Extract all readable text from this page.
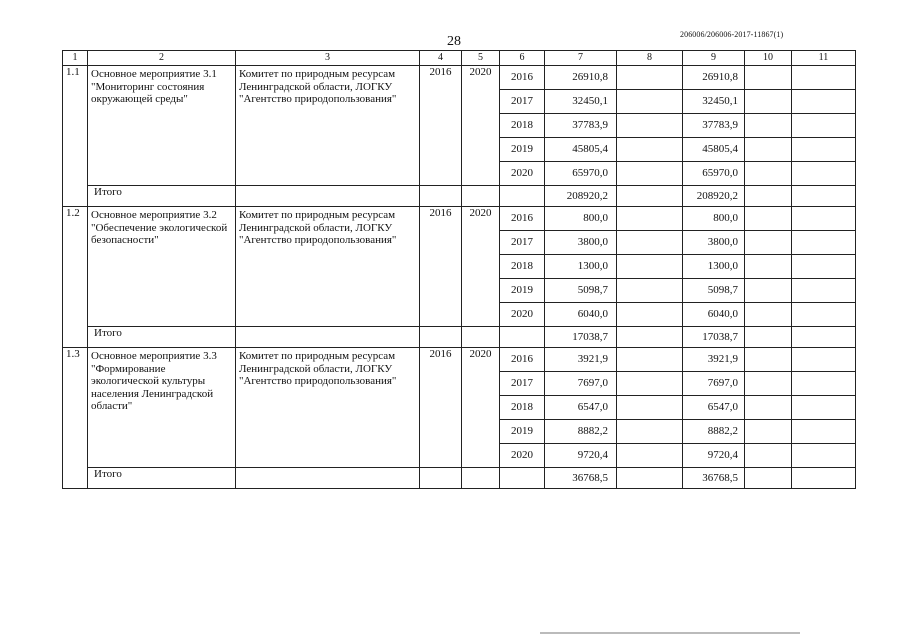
28	206006/206006-2017-11867(1)
1	2	3	4	5	6	7	8	9	10	11
1.1	Основное мероприятие 3.1 "Мониторинг состояния окружающей среды"	Комитет по природным ресурсам Ленинградской области, ЛОГКУ "Агентство природопользования"	2016	2020	2016	26910,8		26910,8		
					2017	32450,1		32450,1		
					2018	37783,9		37783,9		
					2019	45805,4		45805,4		
					2020	65970,0		65970,0		
	Итого					208920,2		208920,2		
1.2	Основное мероприятие 3.2 "Обеспечение экологической безопасности"	Комитет по природным ресурсам Ленинградской области, ЛОГКУ "Агентство природопользования"	2016	2020	2016	800,0		800,0		
					2017	3800,0		3800,0		
					2018	1300,0		1300,0		
					2019	5098,7		5098,7		
					2020	6040,0		6040,0		
	Итого					17038,7		17038,7		
1.3	Основное мероприятие 3.3 "Формирование экологической культуры населения Ленинградской области"	Комитет по природным ресурсам Ленинградской области, ЛОГКУ "Агентство природопользования"	2016	2020	2016	3921,9		3921,9		
					2017	7697,0		7697,0		
					2018	6547,0		6547,0		
					2019	8882,2		8882,2		
					2020	9720,4		9720,4		
	Итого					36768,5		36768,5		
